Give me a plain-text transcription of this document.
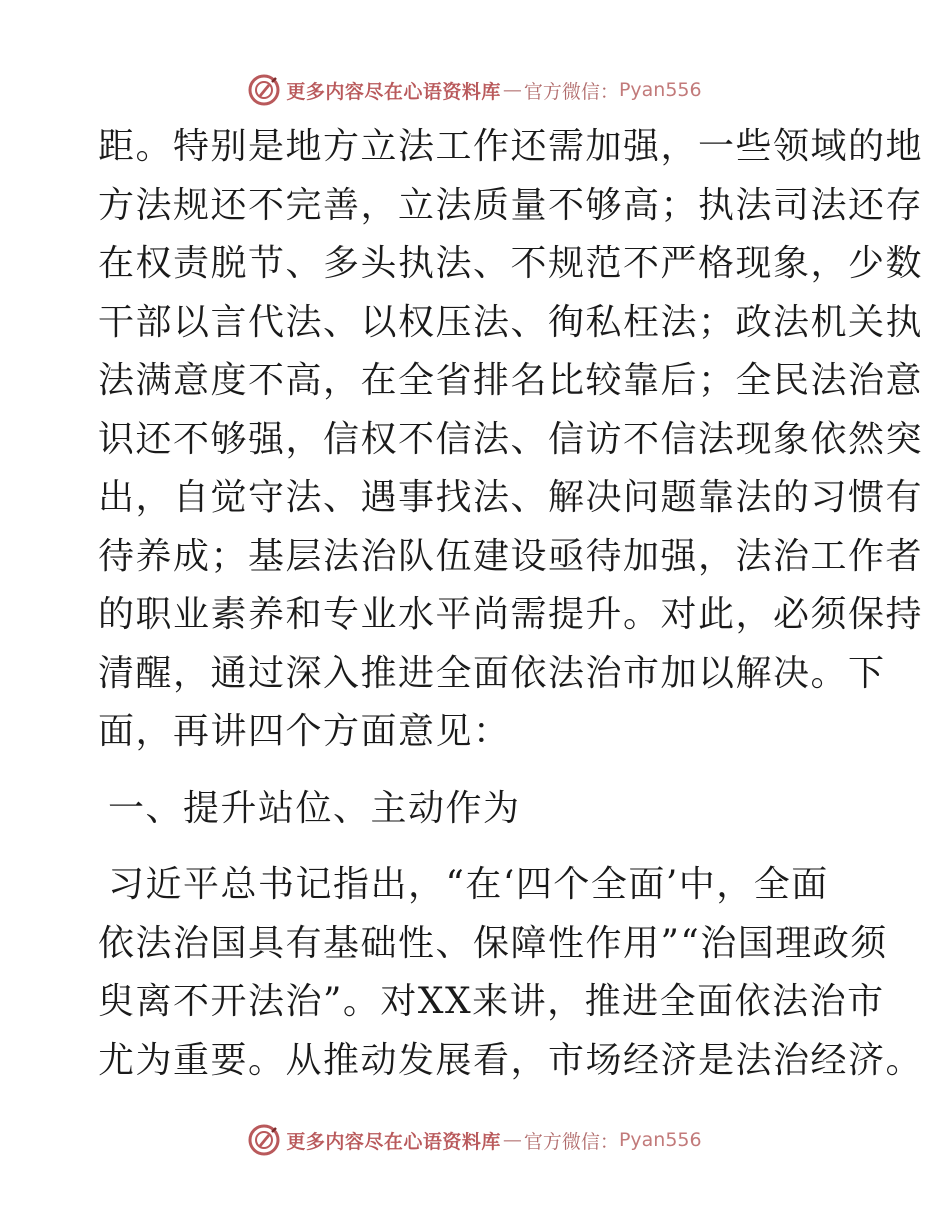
更多内容尽在心语资料库 — 官方微信： Pyan556
距。特别是地方立法工作还需加强，一些领域的地
方法规还不完善，立法质量不够高；执法司法还存
在权责脱节、多头执法、不规范不严格现象，少数
干部以言代法、以权压法、徇私枉法；政法机关执
法满意度不高，在全省排名比较靠后；全民法治意
识还不够强，信权不信法、信访不信法现象依然突
出，自觉守法、遇事找法、解决问题靠法的习惯有
待养成；基层法治队伍建设亟待加强，法治工作者
的职业素养和专业水平尚需提升。对此，必须保持
清醒，通过深入推进全面依法治市加以解决。下
面，再讲四个方面意见：
一、提升站位、主动作为
习近平总书记指出，“在‘四个全面’中，全面
依法治国具有基础性、保障性作用”“治国理政须
臾离不开法治”。对XX来讲，推进全面依法治市
尤为重要。从推动发展看，市场经济是法治经济。
更多内容尽在心语资料库 — 官方微信： Pyan556
